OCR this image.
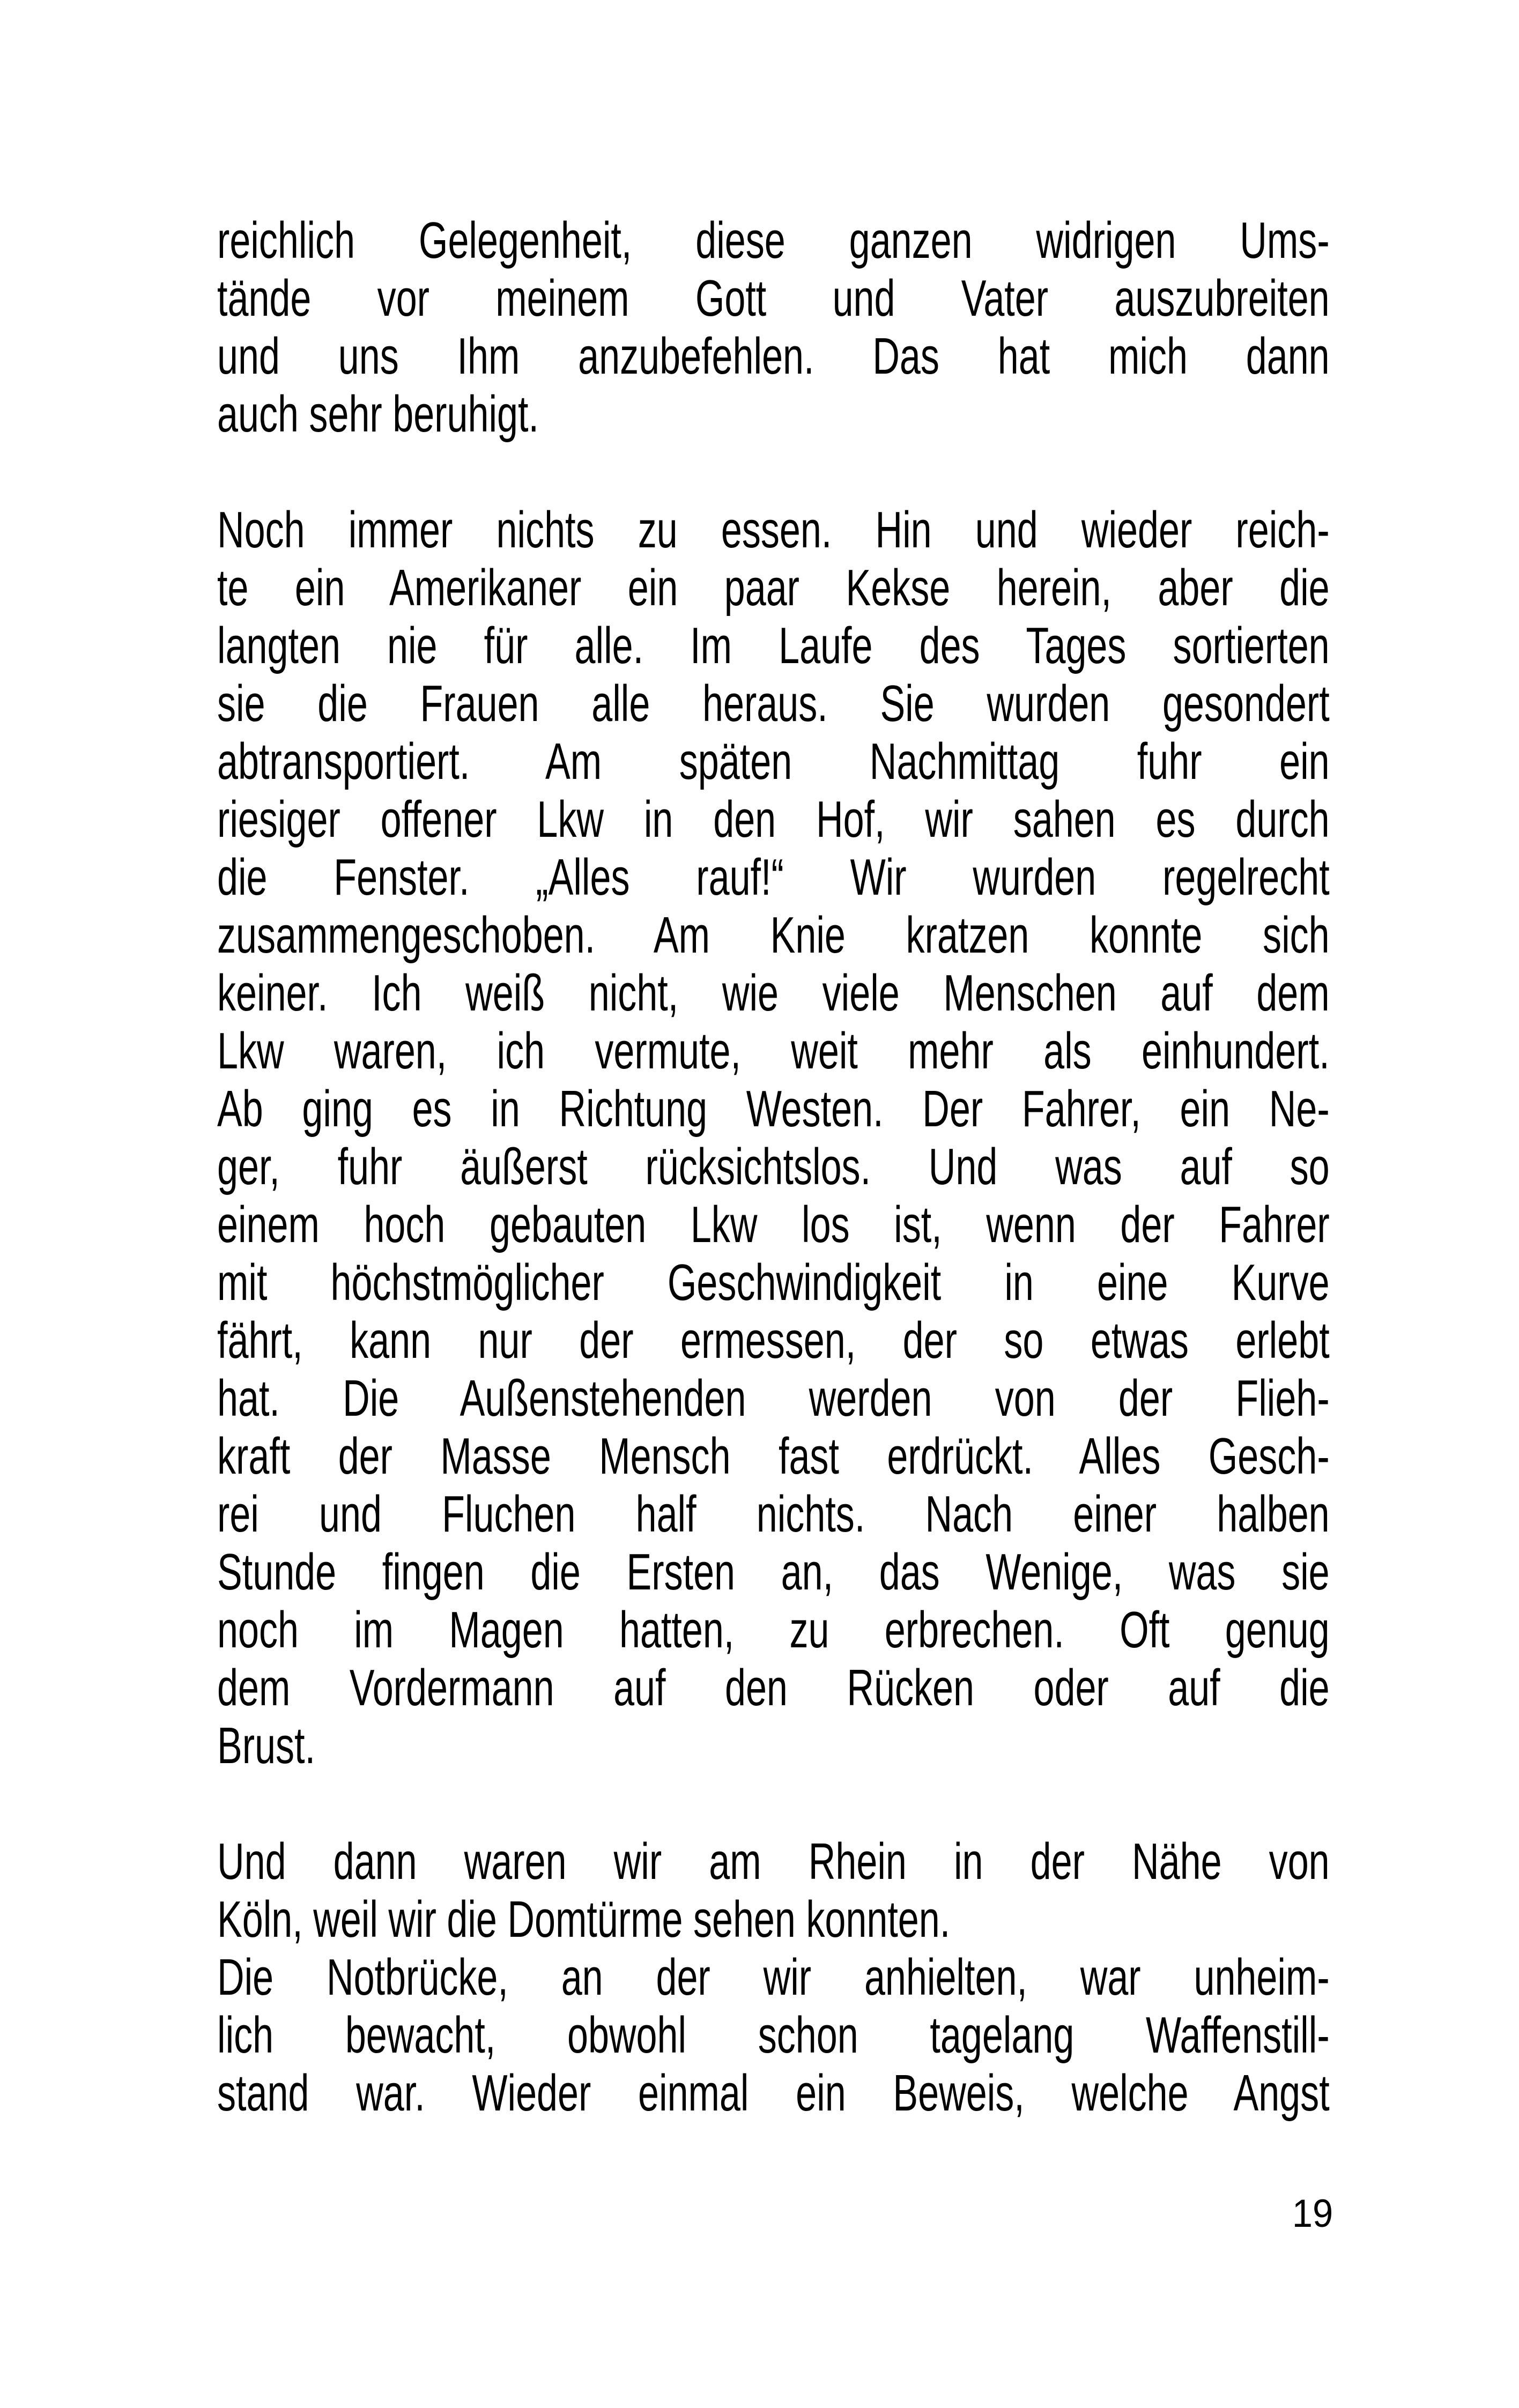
reichlich Gelegenheit, diese ganzen widrigen Ums-
tände vor meinem Gott und Vater auszubreiten
und uns Ihm anzubefehlen. Das hat mich dann
auch sehr beruhigt.
Noch immer nichts zu essen. Hin und wieder reich-
te ein Amerikaner ein paar Kekse herein, aber die
langten nie für alle. Im Laufe des Tages sortierten
sie die Frauen alle heraus. Sie wurden gesondert
abtransportiert. Am späten Nachmittag fuhr ein
riesiger offener Lkw in den Hof, wir sahen es durch
die Fenster. „Alles rauf!“ Wir wurden regelrecht
zusammengeschoben. Am Knie kratzen konnte sich
keiner. Ich weiß nicht, wie viele Menschen auf dem
Lkw waren, ich vermute, weit mehr als einhundert.
Ab ging es in Richtung Westen. Der Fahrer, ein Ne-
ger, fuhr äußerst rücksichtslos. Und was auf so
einem hoch gebauten Lkw los ist, wenn der Fahrer
mit höchstmöglicher Geschwindigkeit in eine Kurve
fährt, kann nur der ermessen, der so etwas erlebt
hat. Die Außenstehenden werden von der Flieh-
kraft der Masse Mensch fast erdrückt. Alles Gesch-
rei und Fluchen half nichts. Nach einer halben
Stunde fingen die Ersten an, das Wenige, was sie
noch im Magen hatten, zu erbrechen. Oft genug
dem Vordermann auf den Rücken oder auf die
Brust.
Und dann waren wir am Rhein in der Nähe von
Köln, weil wir die Domtürme sehen konnten.
Die Notbrücke, an der wir anhielten, war unheim-
lich bewacht, obwohl schon tagelang Waffenstill-
stand war. Wieder einmal ein Beweis, welche Angst
19
